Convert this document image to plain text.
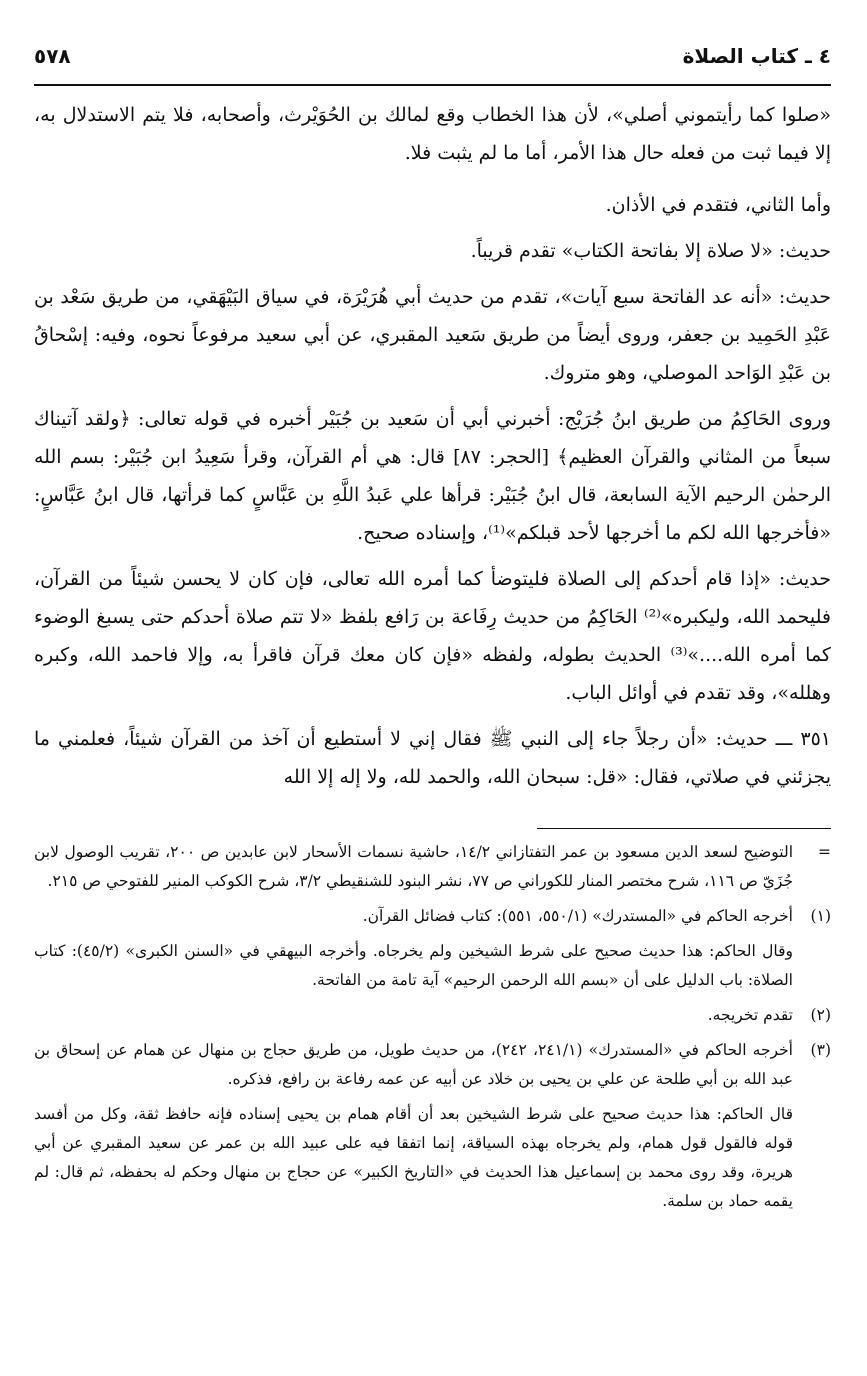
٤ ـ كتاب الصلاة
٥٧٨

«صلوا كما رأيتموني أصلي»، لأن هذا الخطاب وقع لمالك بن الحُوَيْرث، وأصحابه، فلا يتم الاستدلال به، إلا فيما ثبت من فعله حال هذا الأمر، أما ما لم يثبت فلا.

وأما الثاني، فتقدم في الأذان.

حديث: «لا صلاة إلا بفاتحة الكتاب» تقدم قريباً.

حديث: «أنه عد الفاتحة سبع آيات»، تقدم من حديث أبي هُرَيْرَة، في سياق البَيْهَقي، من طريق سَعْد بن عَبْدِ الحَمِيد بن جعفر، وروى أيضاً من طريق سَعيد المقبري، عن أبي سعيد مرفوعاً نحوه، وفيه: إسْحاقُ بن عَبْدِ الوَاحد الموصلي، وهو متروك.

وروى الحَاكِمُ من طريق ابنُ جُرَيْج: أخبرني أبي أن سَعيد بن جُبَيْر أخبره في قوله تعالى: ﴿ولقد آتيناك سبعاً من المثاني والقرآن العظيم﴾ [الحجر: ٨٧] قال: هي أم القرآن، وقرأ سَعِيدُ ابن جُبَيْر: بسم الله الرحمٰن الرحيم الآية السابعة، قال ابنُ جُبَيْر: قرأها علي عَبدُ اللَّهِ بن عَبَّاسٍ كما قرأتها، قال ابنُ عَبَّاسٍ: «فأخرجها الله لكم ما أخرجها لأحد قبلكم»⁽¹⁾، وإسناده صحيح.

حديث: «إذا قام أحدكم إلى الصلاة فليتوضأ كما أمره الله تعالى، فإن كان لا يحسن شيئاً من القرآن، فليحمد الله، وليكبره»⁽²⁾ الحَاكِمُ من حديث رِفَاعة بن رَافع بلفظ «لا تتم صلاة أحدكم حتى يسبغ الوضوء كما أمره الله....»⁽³⁾ الحديث بطوله، ولفظه «فإن كان معك قرآن فاقرأ به، وإلا فاحمد الله، وكبره وهلله»، وقد تقدم في أوائل الباب.

٣٥١ ـــ حديث: «أن رجلاً جاء إلى النبي ﷺ فقال إني لا أستطيع أن آخذ من القرآن شيئاً، فعلمني ما يجزئني في صلاتي، فقال: «قل: سبحان الله، والحمد لله، ولا إله إلا الله

=
التوضيح لسعد الدين مسعود بن عمر التفتازاني ١٤/٢، حاشية نسمات الأسحار لابن عابدين ص ٢٠٠، تقريب الوصول لابن جُزَيّ ص ١١٦، شرح مختصر المنار للكوراني ص ٧٧، نشر البنود للشنقيطي ٣/٢، شرح الكوكب المنير للفتوحي ص ٢١٥.
(١)
أخرجه الحاكم في «المستدرك» (٥٥٠/١، ٥٥١): كتاب فضائل القرآن.
وقال الحاكم: هذا حديث صحيح على شرط الشيخين ولم يخرجاه. وأخرجه البيهقي في «السنن الكبرى» (٤٥/٢): كتاب الصلاة: باب الدليل على أن «بسم الله الرحمن الرحيم» آية تامة من الفاتحة.
(٢)
تقدم تخريجه.
(٣)
أخرجه الحاكم في «المستدرك» (٢٤١/١، ٢٤٢)، من حديث طويل، من طريق حجاج بن منهال عن همام عن إسحاق بن عبد الله بن أبي طلحة عن علي بن يحيى بن خلاد عن أبيه عن عمه رفاعة بن رافع، فذكره.
قال الحاكم: هذا حديث صحيح على شرط الشيخين بعد أن أقام همام بن يحيى إسناده فإنه حافظ ثقة، وكل من أفسد قوله فالقول قول همام، ولم يخرجاه بهذه السياقة، إنما اتفقا فيه على عبيد الله بن عمر عن سعيد المقبري عن أبي هريرة، وقد روى محمد بن إسماعيل هذا الحديث في «التاريخ الكبير» عن حجاج بن منهال وحكم له بحفظه، ثم قال: لم يقمه حماد بن سلمة.
